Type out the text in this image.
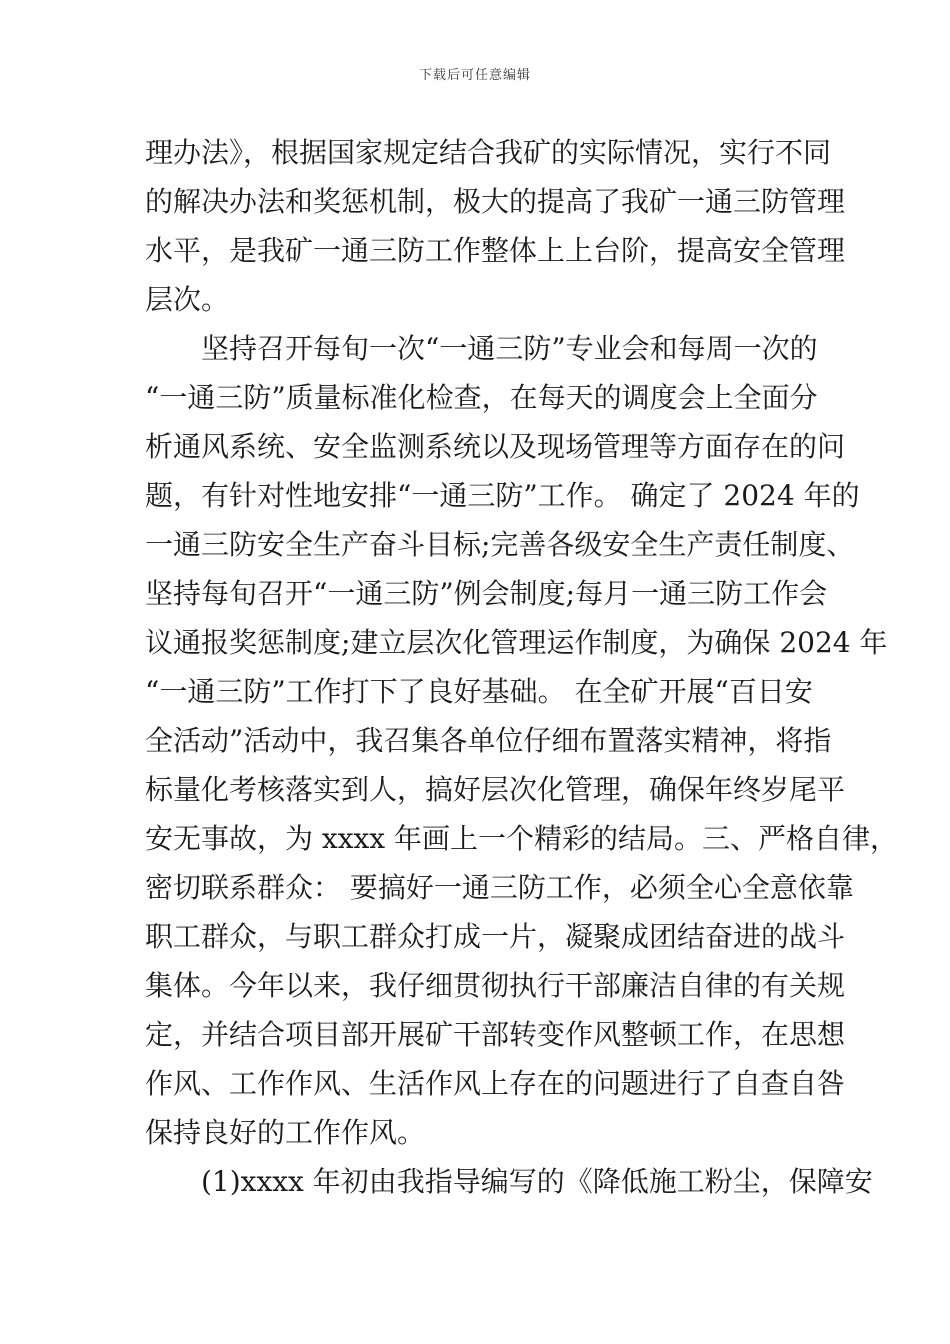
下载后可任意编辑
理办法》，根据国家规定结合我矿的实际情况，实行不同
的解决办法和奖惩机制，极大的提高了我矿一通三防管理
水平，是我矿一通三防工作整体上上台阶，提高安全管理
层次。
　　坚持召开每旬一次“一通三防”专业会和每周一次的
“一通三防”质量标准化检查，在每天的调度会上全面分
析通风系统、安全监测系统以及现场管理等方面存在的问
题，有针对性地安排“一通三防”工作。 确定了 2024 年的
一通三防安全生产奋斗目标;完善各级安全生产责任制度、
坚持每旬召开“一通三防”例会制度;每月一通三防工作会
议通报奖惩制度;建立层次化管理运作制度，为确保 2024 年
“一通三防”工作打下了良好基础。 在全矿开展“百日安
全活动”活动中，我召集各单位仔细布置落实精神，将指
标量化考核落实到人，搞好层次化管理，确保年终岁尾平
安无事故，为 xxxx 年画上一个精彩的结局。三、严格自律，
密切联系群众： 要搞好一通三防工作，必须全心全意依靠
职工群众，与职工群众打成一片，凝聚成团结奋进的战斗
集体。今年以来，我仔细贯彻执行干部廉洁自律的有关规
定，并结合项目部开展矿干部转变作风整顿工作，在思想
作风、工作作风、生活作风上存在的问题进行了自查自咎
保持良好的工作作风。
　　(1)xxxx 年初由我指导编写的《降低施工粉尘，保障安
